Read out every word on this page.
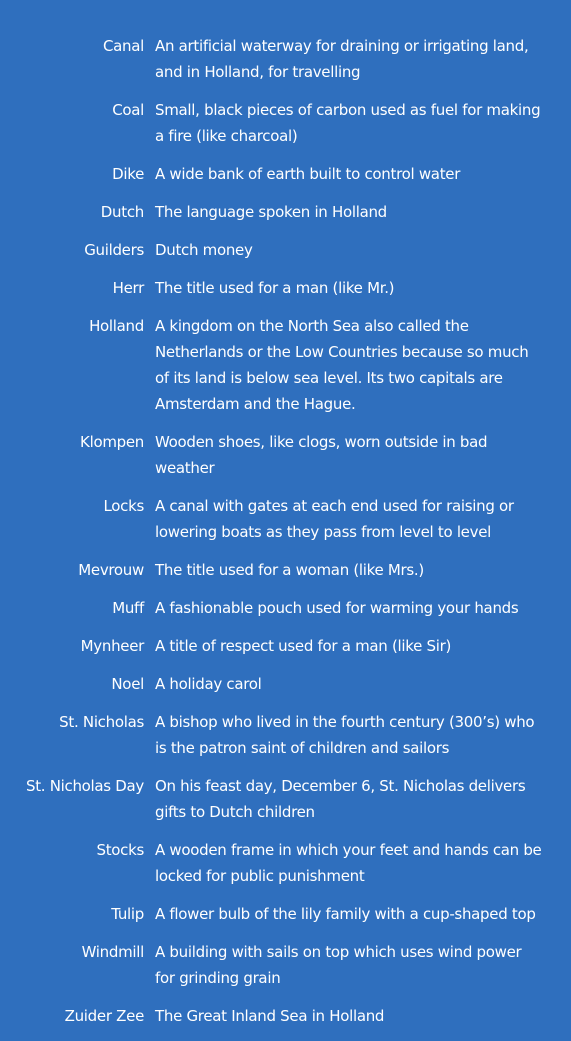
Canal An artificial waterway for draining or irrigating land, and in Holland, for travelling
Coal Small, black pieces of carbon used as fuel for making a fire (like charcoal)
Dike A wide bank of earth built to control water
Dutch The language spoken in Holland
Guilders Dutch money
Herr The title used for a man (like Mr.)
Holland A kingdom on the North Sea also called the Netherlands or the Low Countries because so much of its land is below sea level. Its two capitals are Amsterdam and the Hague.
Klompen Wooden shoes, like clogs, worn outside in bad weather
Locks A canal with gates at each end used for raising or lowering boats as they pass from level to level
Mevrouw The title used for a woman (like Mrs.)
Muff A fashionable pouch used for warming your hands
Mynheer A title of respect used for a man (like Sir)
Noel A holiday carol
St. Nicholas A bishop who lived in the fourth century (300’s) who is the patron saint of children and sailors
St. Nicholas Day On his feast day, December 6, St. Nicholas delivers gifts to Dutch children
Stocks A wooden frame in which your feet and hands can be locked for public punishment
Tulip A flower bulb of the lily family with a cup-shaped top
Windmill A building with sails on top which uses wind power for grinding grain
Zuider Zee The Great Inland Sea in Holland
